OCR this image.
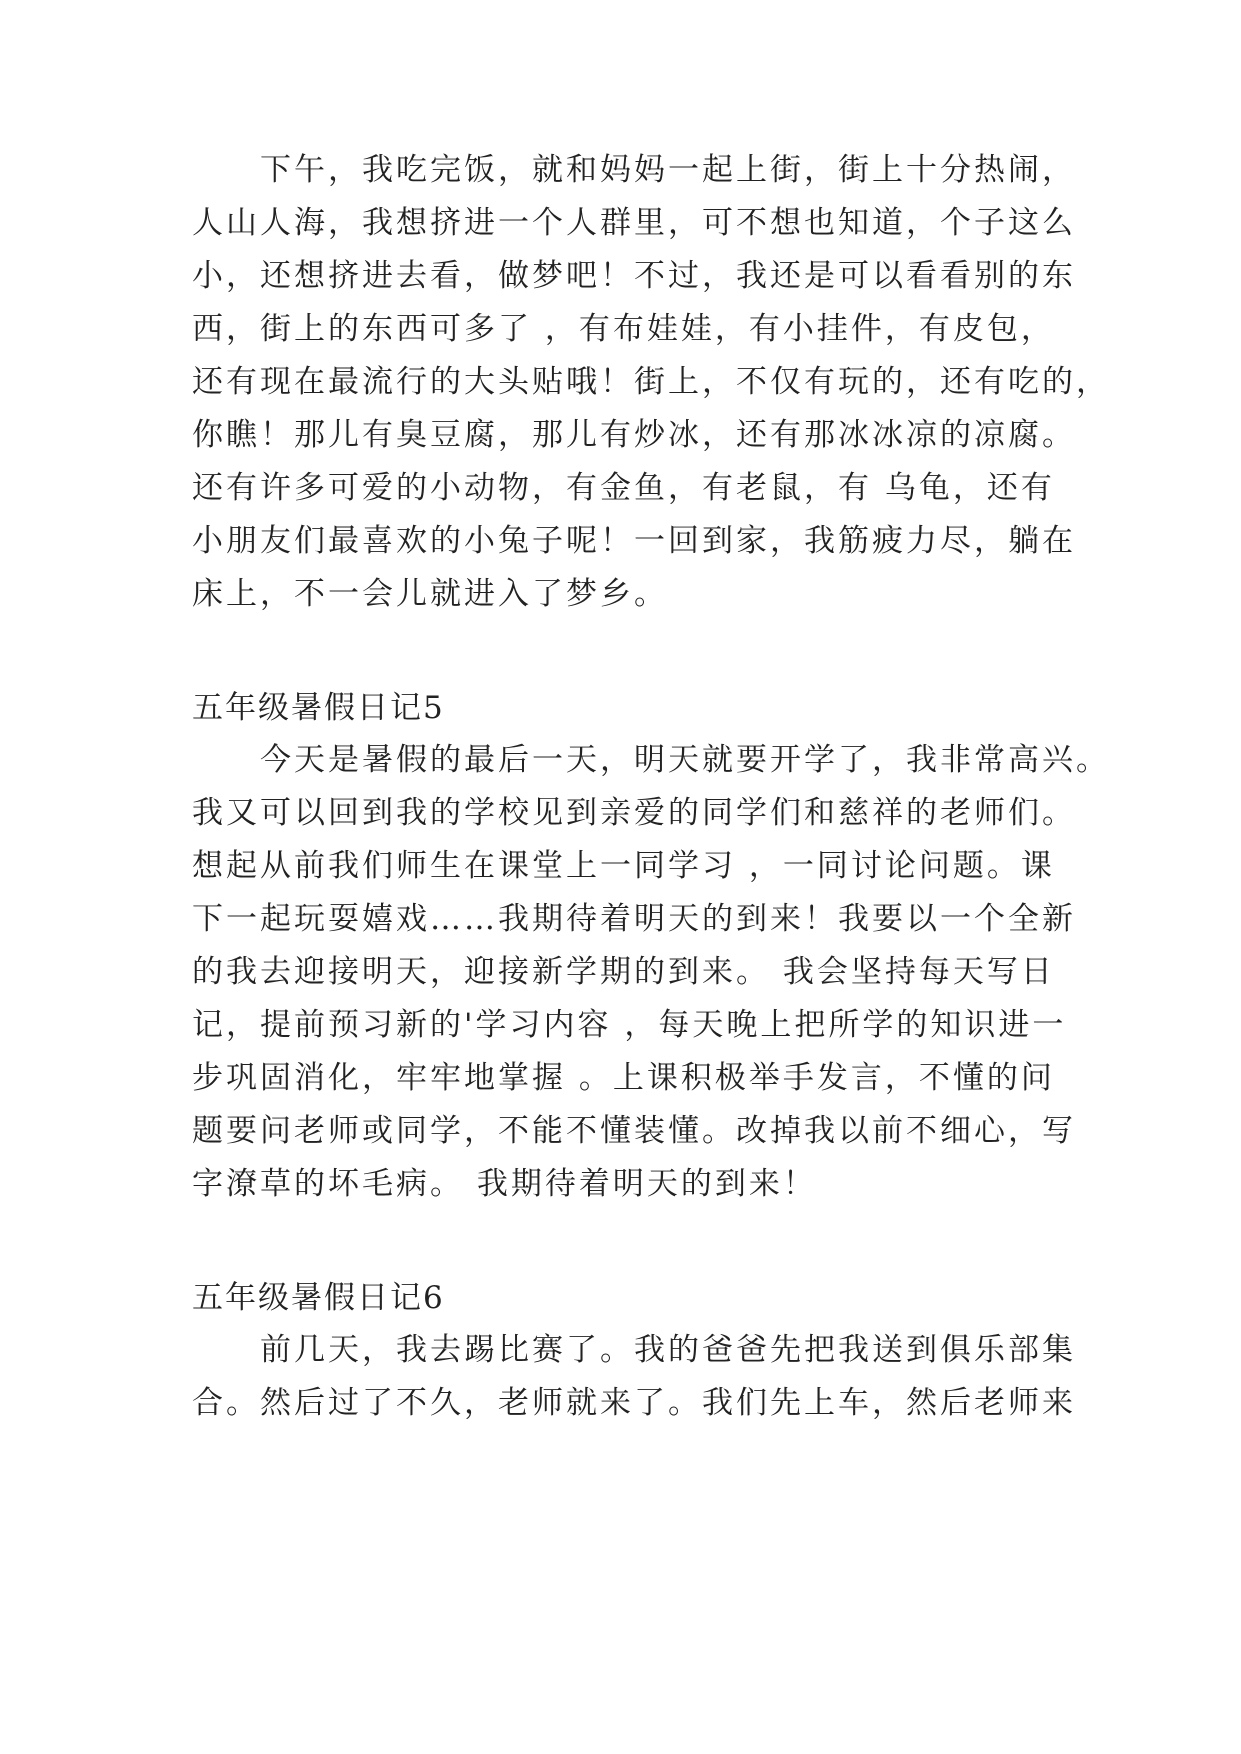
　　下午，我吃完饭，就和妈妈一起上街，街上十分热闹，
人山人海，我想挤进一个人群里，可不想也知道，个子这么
小，还想挤进去看，做梦吧！不过，我还是可以看看别的东
西，街上的东西可多了 ，有布娃娃，有小挂件，有皮包，
还有现在最流行的大头贴哦！街上，不仅有玩的，还有吃的，
你瞧！那儿有臭豆腐，那儿有炒冰，还有那冰冰凉的凉腐。
还有许多可爱的小动物，有金鱼，有老鼠，有 乌龟，还有
小朋友们最喜欢的小兔子呢！一回到家，我筋疲力尽，躺在
床上，不一会儿就进入了梦乡。
五年级暑假日记5
　　今天是暑假的最后一天，明天就要开学了，我非常高兴。
我又可以回到我的学校见到亲爱的同学们和慈祥的老师们。
想起从前我们师生在课堂上一同学习 ，一同讨论问题。课
下一起玩耍嬉戏……我期待着明天的到来！我要以一个全新
的我去迎接明天，迎接新学期的到来。 我会坚持每天写日
记，提前预习新的'学习内容 ，每天晚上把所学的知识进一
步巩固消化，牢牢地掌握 。上课积极举手发言，不懂的问
题要问老师或同学，不能不懂装懂。改掉我以前不细心，写
字潦草的坏毛病。 我期待着明天的到来！
五年级暑假日记6
　　前几天，我去踢比赛了。我的爸爸先把我送到俱乐部集
合。然后过了不久，老师就来了。我们先上车，然后老师来
